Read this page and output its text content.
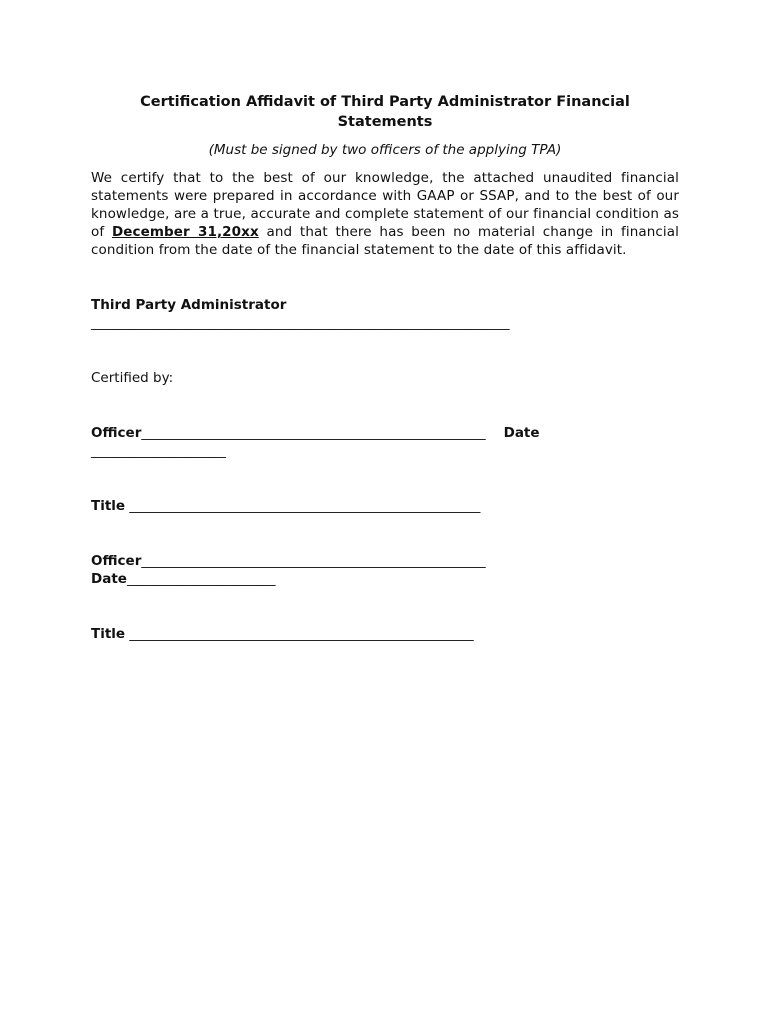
Certification Affidavit of Third Party Administrator Financial
Statements

(Must be signed by two officers of the applying TPA)

We certify that to the best of our knowledge, the attached unaudited financial statements were prepared in accordance with GAAP or SSAP, and to the best of our knowledge, are a true, accurate and complete statement of our financial condition as of December 31,20xx and that there has been no material change in financial condition from the date of the financial statement to the date of this affidavit.

Third Party Administrator

______________________________________________________________

Certified by:

Officer___________________________________________________ Date

____________________

Title ____________________________________________________

Officer___________________________________________________

Date______________________

Title ___________________________________________________
